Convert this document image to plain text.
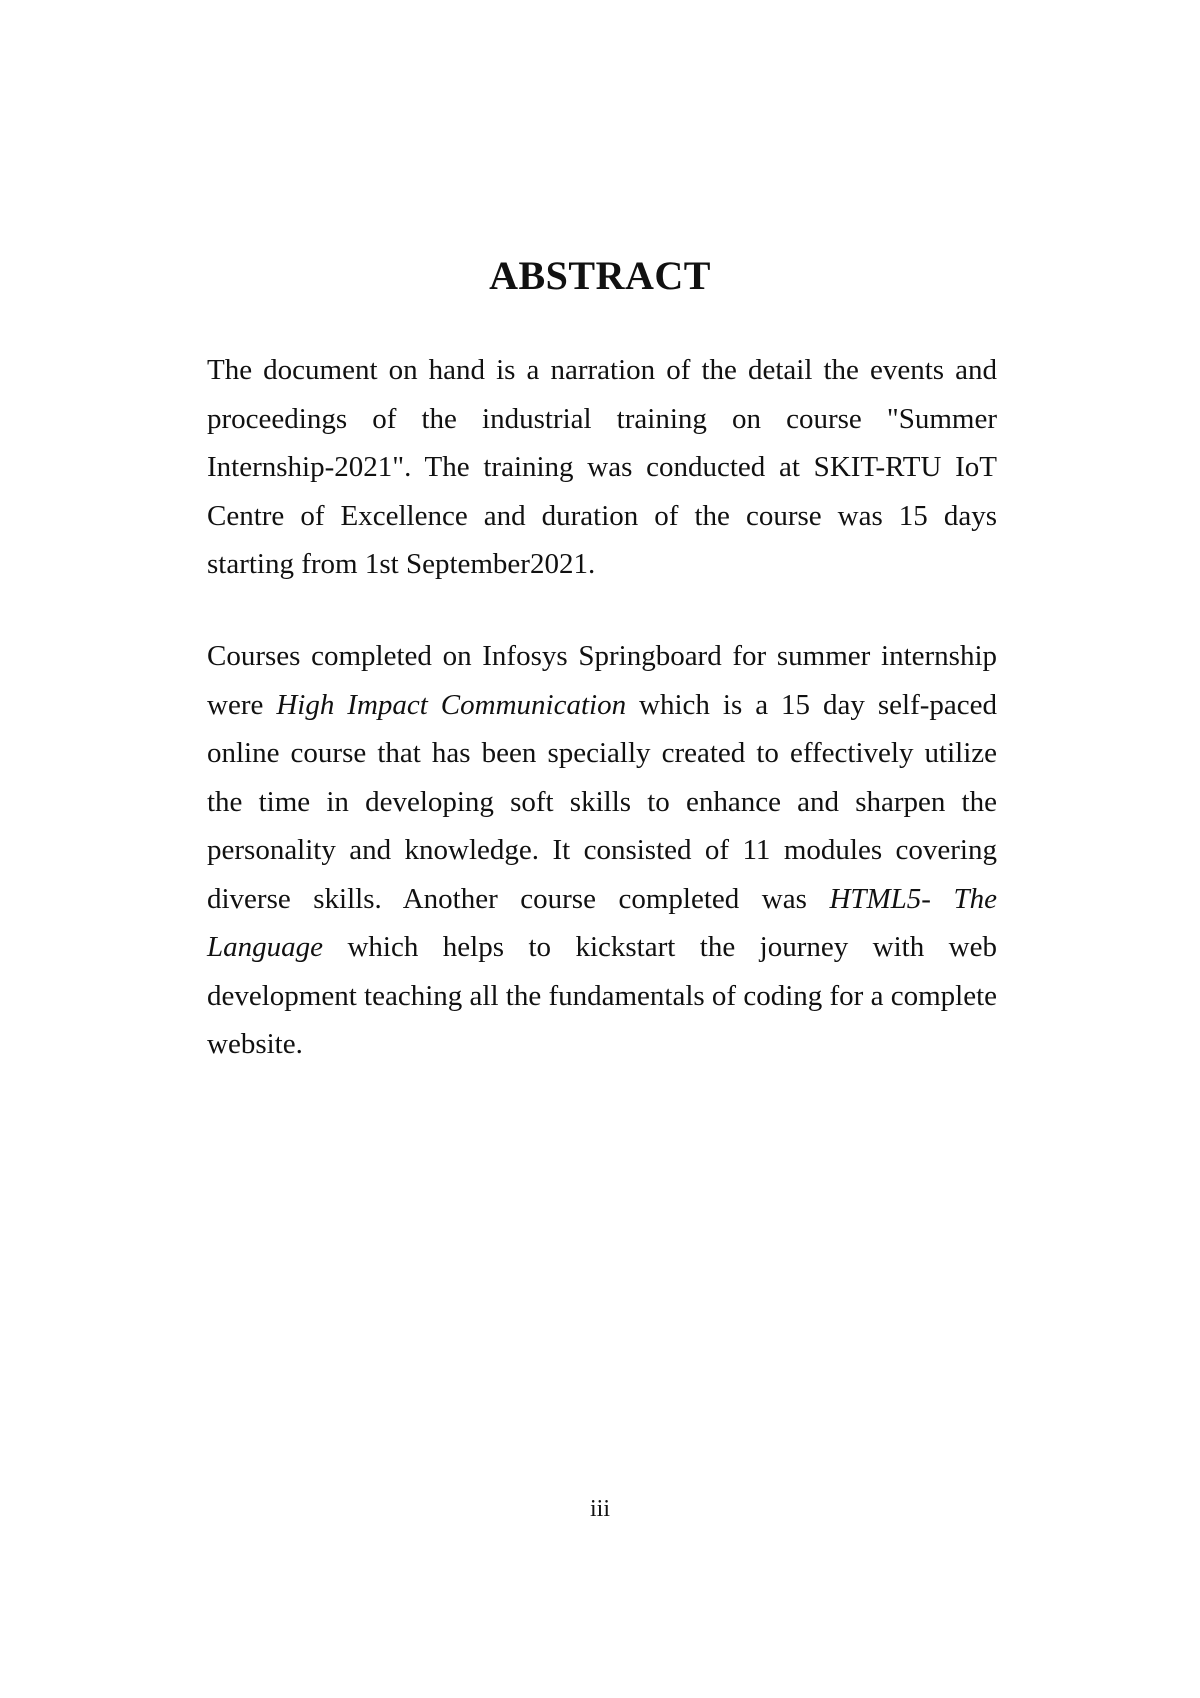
ABSTRACT

The document on hand is a narration of the detail the events and proceedings of the industrial training on course "Summer Internship-2021". The training was conducted at SKIT-RTU IoT Centre of Excellence and duration of the course was 15 days starting from 1st September2021.

Courses completed on Infosys Springboard for summer internship were High Impact Communication which is a 15 day self-paced online course that has been specially created to effectively utilize the time in developing soft skills to enhance and sharpen the personality and knowledge. It consisted of 11 modules covering diverse skills. Another course completed was HTML5- The Language which helps to kickstart the journey with web development teaching all the fundamentals of coding for a complete website.

iii
